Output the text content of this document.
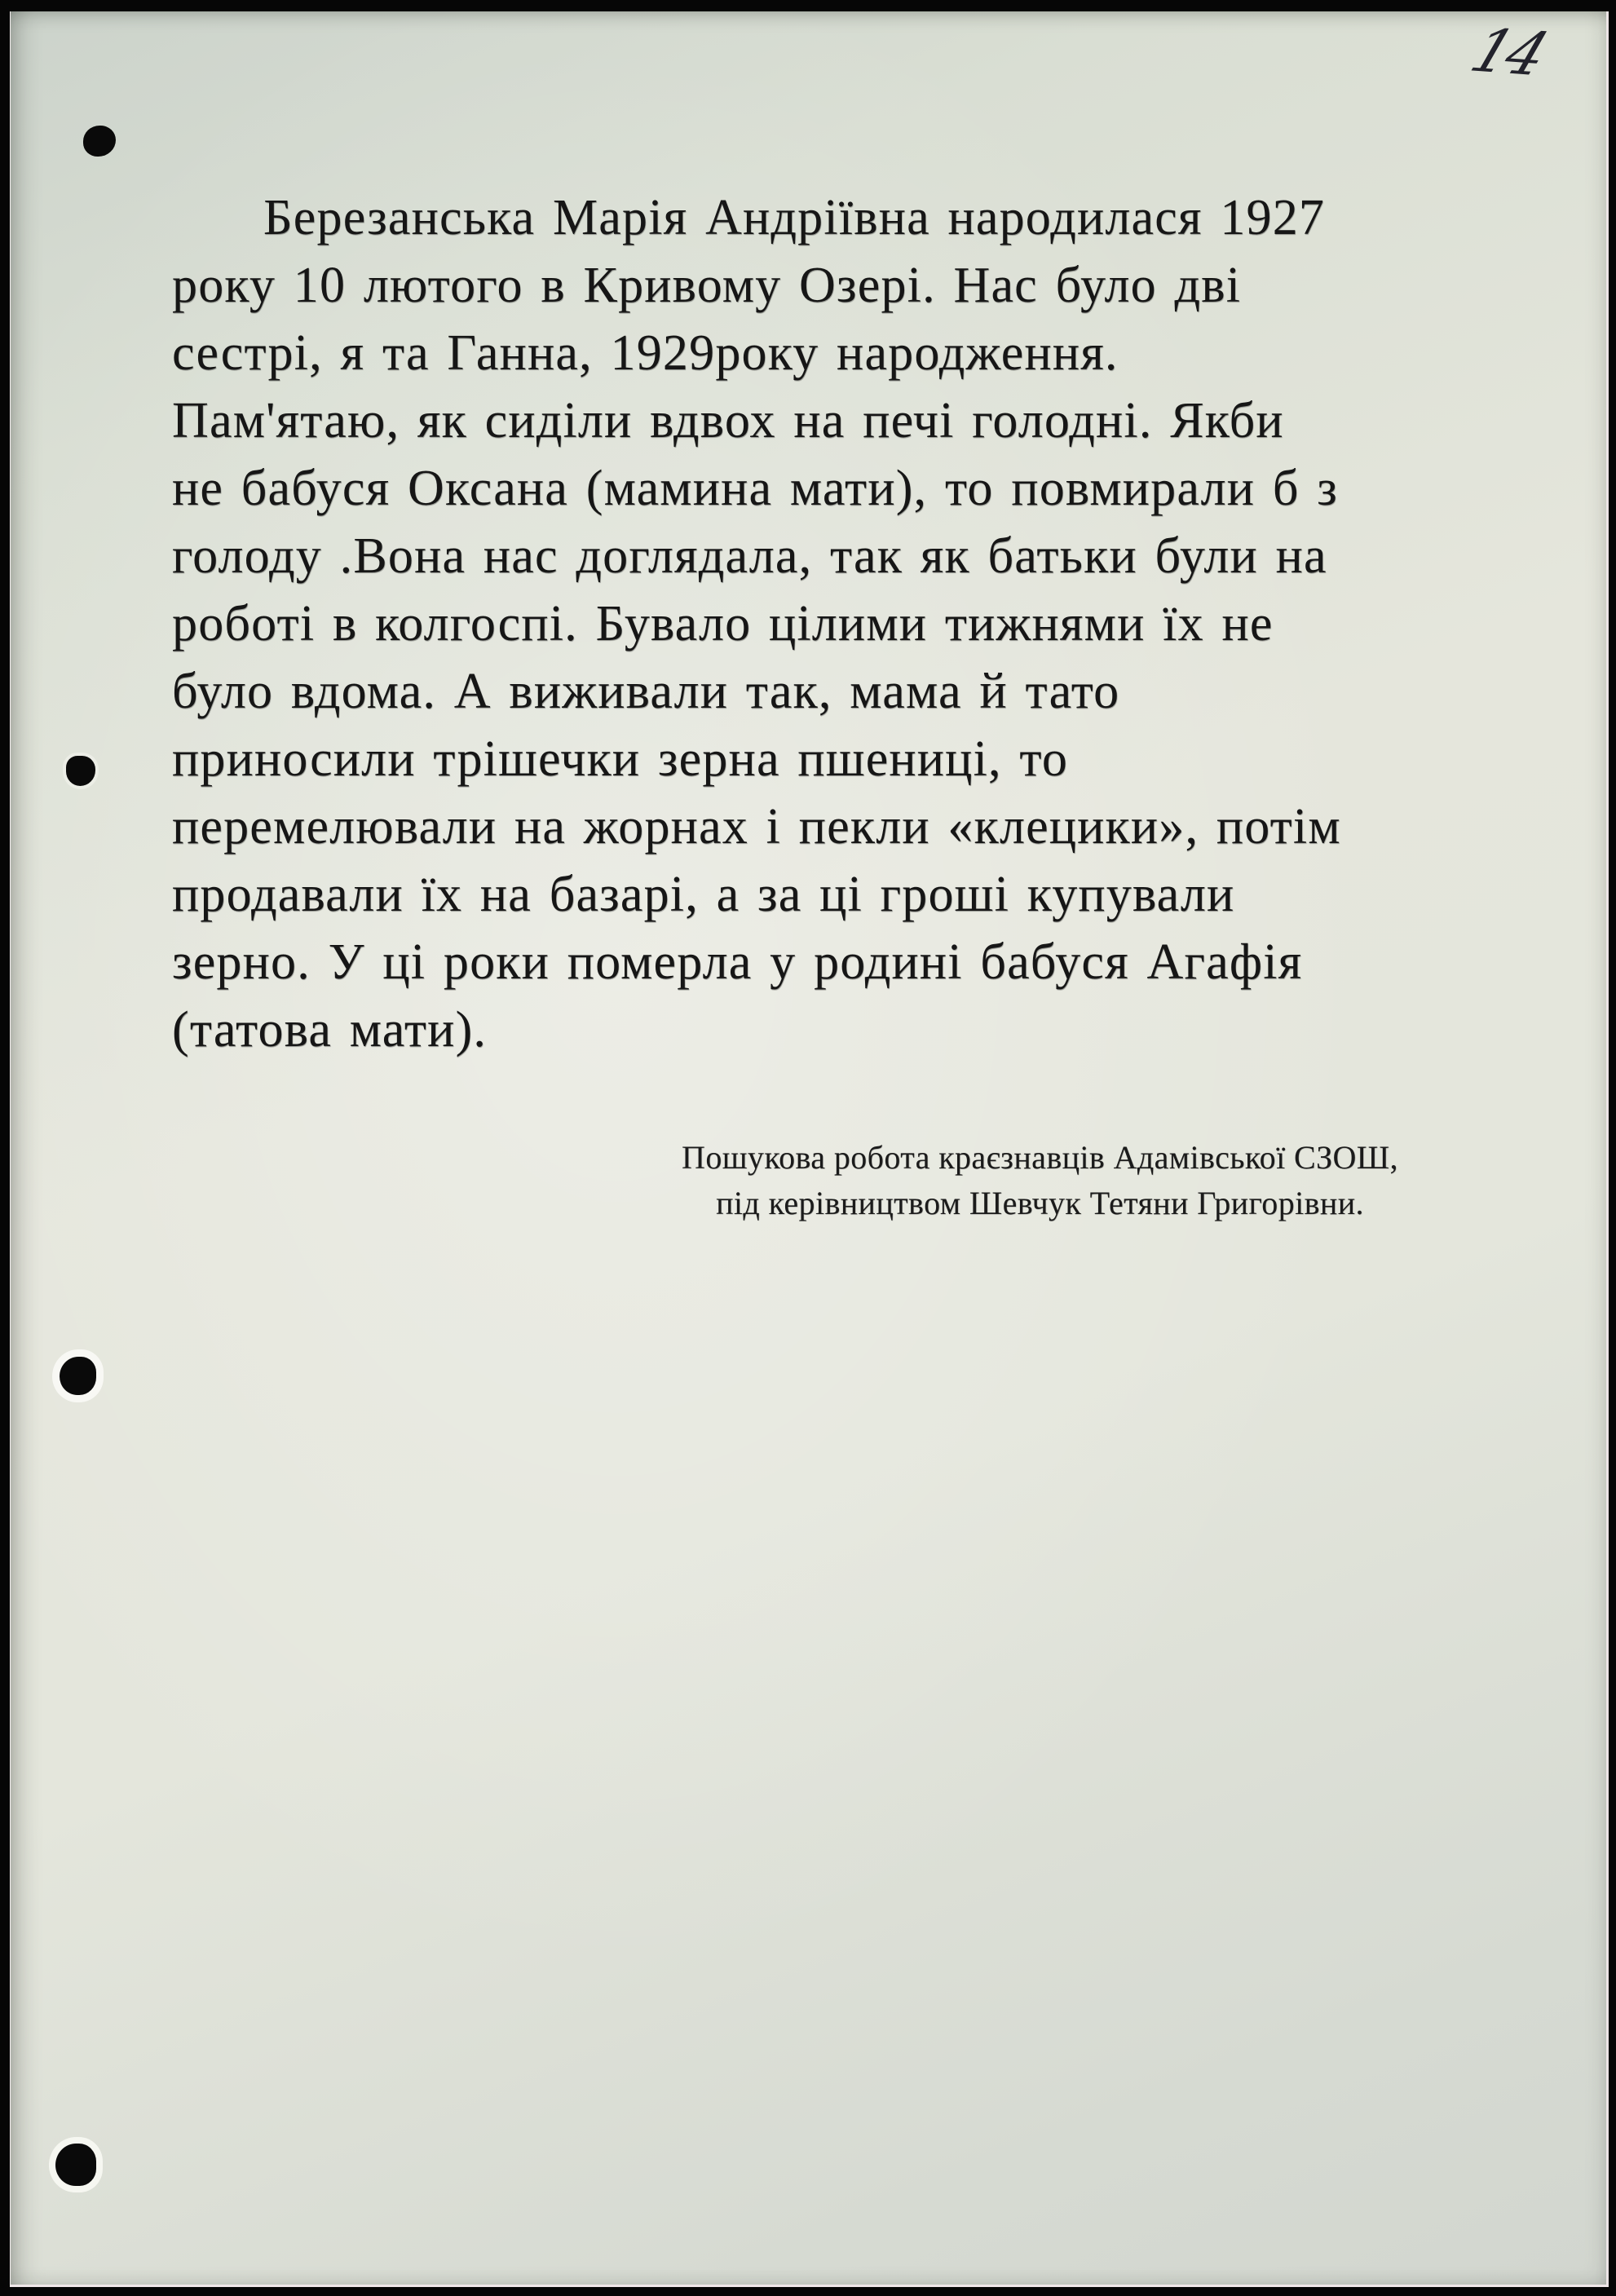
14
Березанська Марія Андріївна народилася 1927
року 10 лютого в Кривому Озері. Нас було дві
сестрі, я та Ганна, 1929року народження.
Пам'ятаю, як сиділи вдвох на печі голодні. Якби
не бабуся Оксана (мамина мати), то повмирали б з
голоду .Вона нас доглядала, так як батьки були на
роботі в колгоспі. Бувало цілими тижнями їх не
було вдома. А виживали так, мама й тато
приносили трішечки зерна пшениці, то
перемелювали на жорнах і пекли «клецики», потім
продавали їх на базарі, а за ці гроші купували
зерно. У ці роки померла у родині бабуся Агафія
(татова мати).
Пошукова робота краєзнавців Адамівської СЗОШ,
під керівництвом Шевчук Тетяни Григорівни.
